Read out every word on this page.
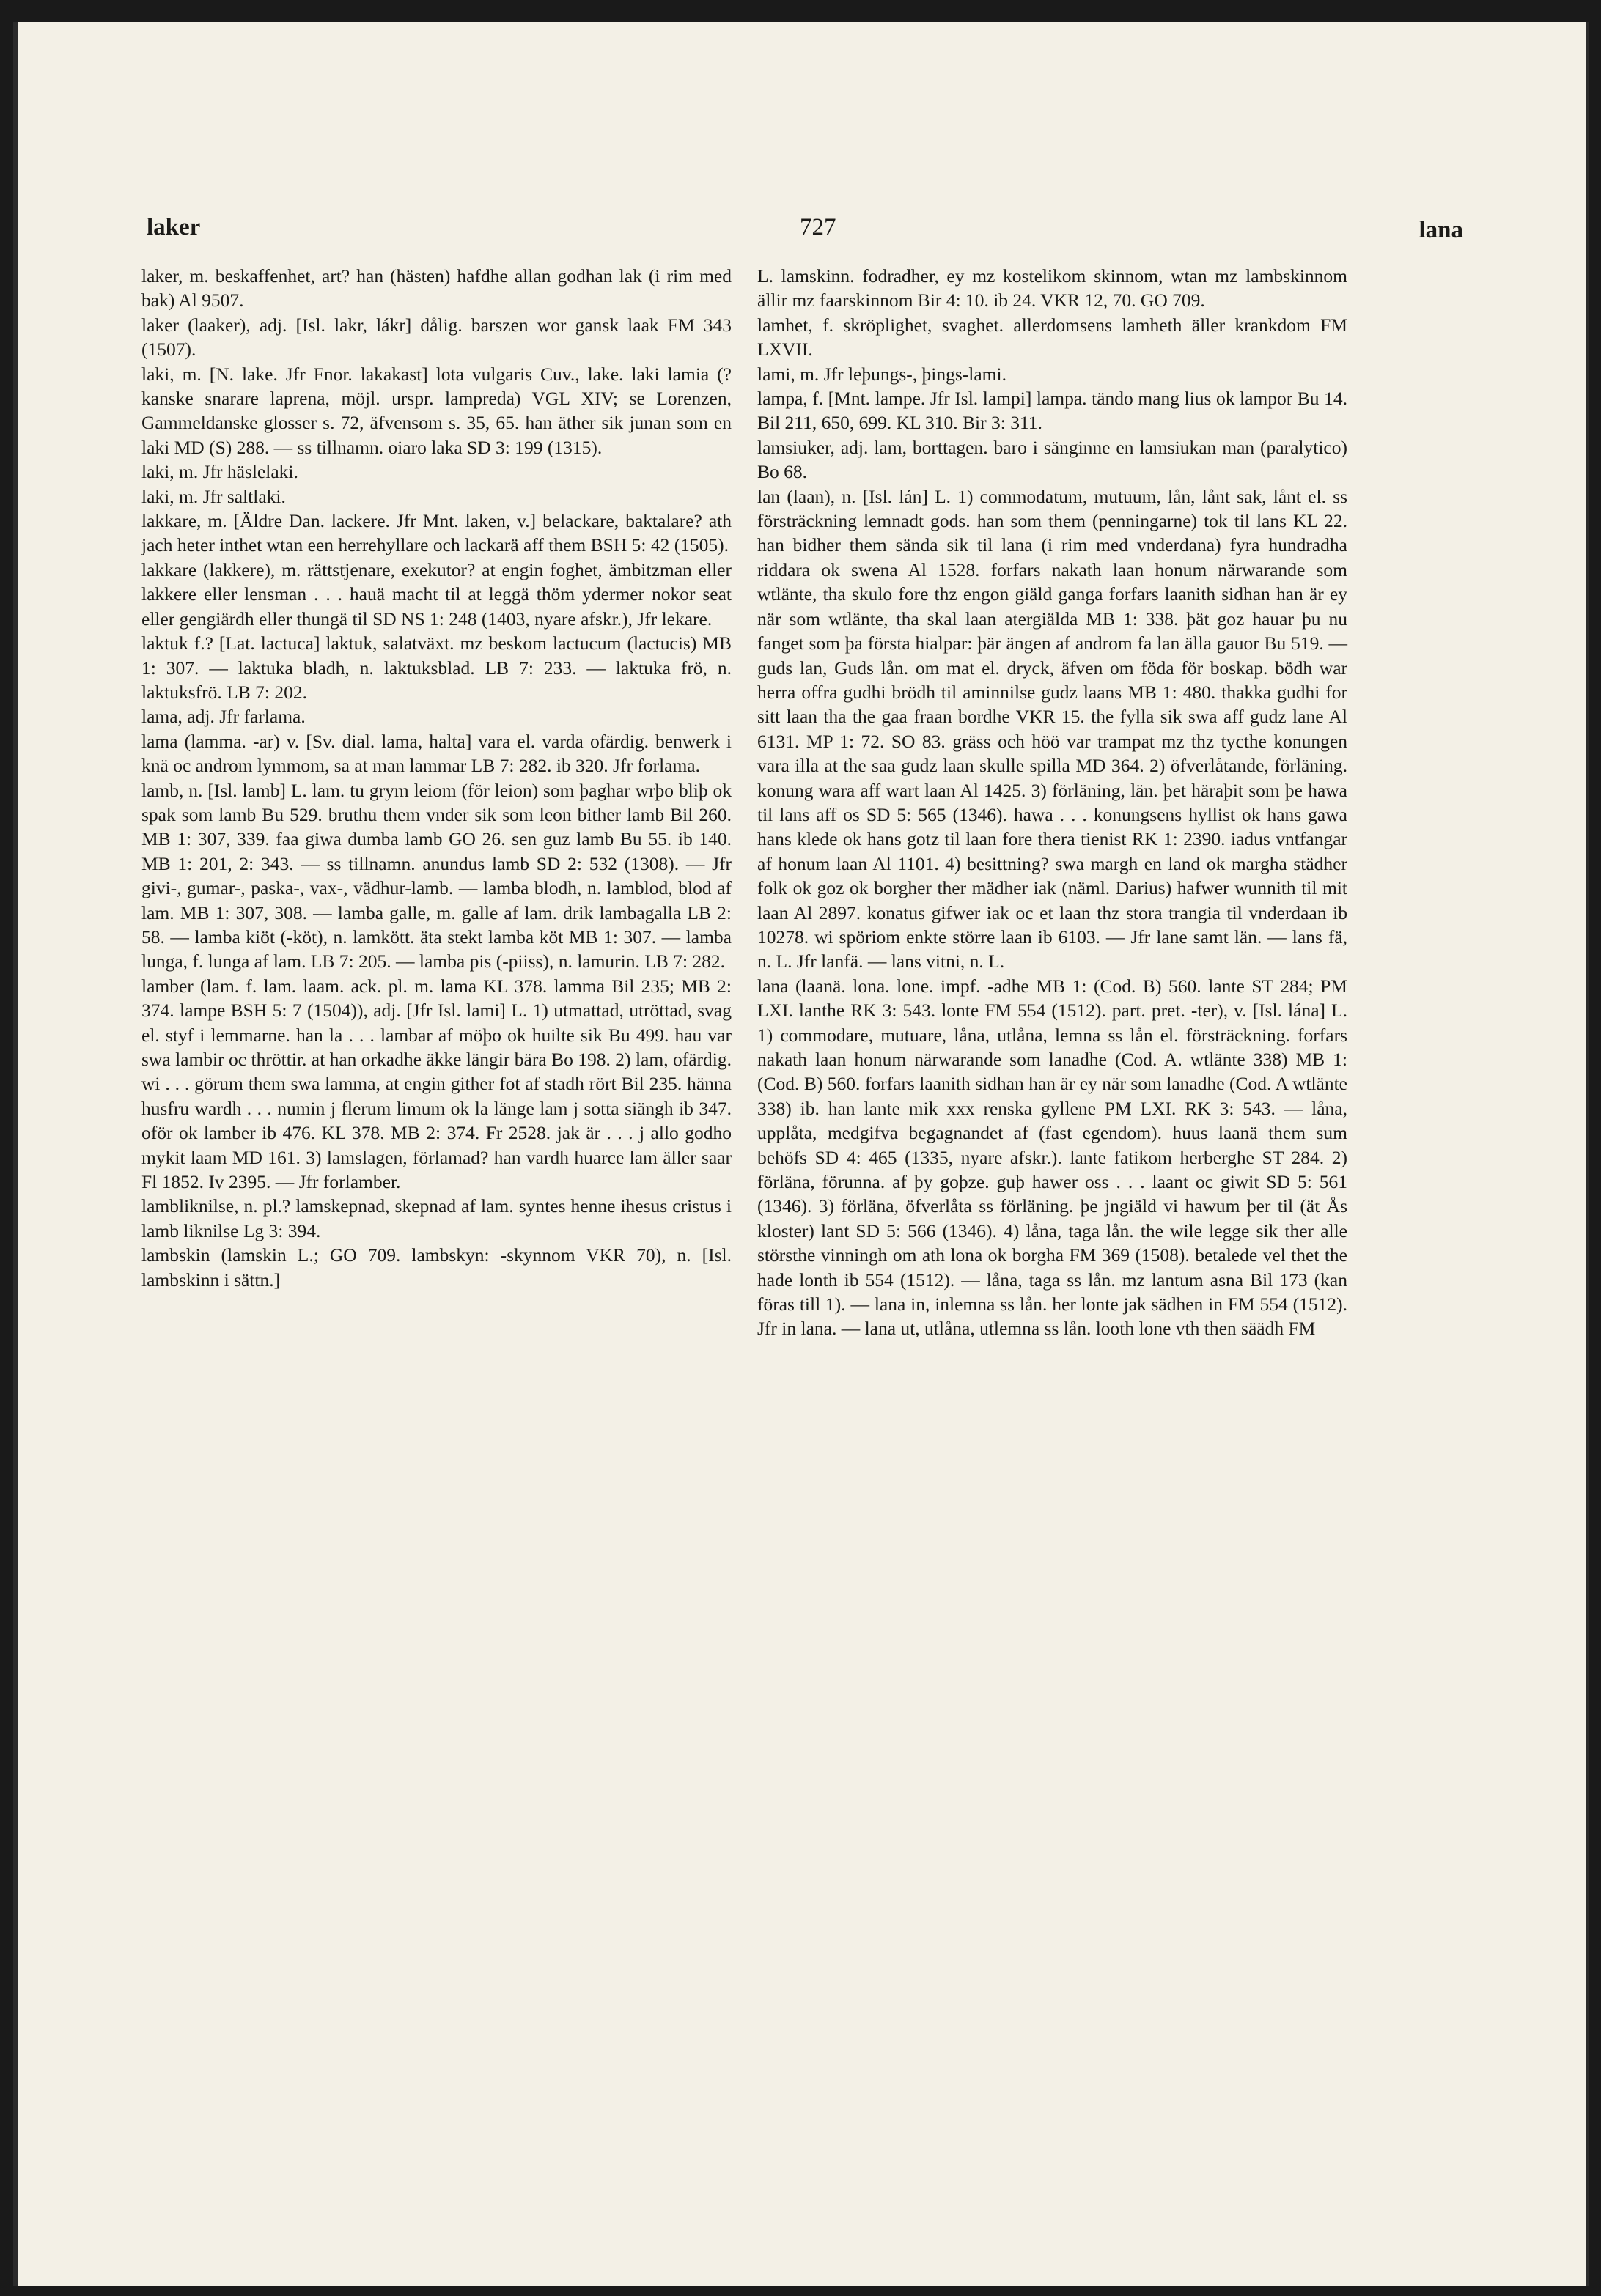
laker	727	lana

laker, m. beskaffenhet, art? han (hästen) hafdhe allan godhan lak (i rim med bak) Al 9507.

laker (laaker), adj. [Isl. lakr, lákr] dålig. barszen wor gansk laak FM 343 (1507).

laki, m. [N. lake. Jfr Fnor. lakakast] lota vulgaris Cuv., lake. laki lamia (? kanske snarare laprena, möjl. urspr. lampreda) VGL XIV; se Lorenzen, Gammeldanske glosser s. 72, äfvensom s. 35, 65. han äther sik junan som en laki MD (S) 288. — ss tillnamn. oiaro laka SD 3: 199 (1315).

laki, m. Jfr häslelaki.

laki, m. Jfr saltlaki.

lakkare, m. [Äldre Dan. lackere. Jfr Mnt. laken, v.] belackare, baktalare? ath jach heter inthet wtan een herrehyllare och lackarä aff them BSH 5: 42 (1505).

lakkare (lakkere), m. rättstjenare, exekutor? at engin foghet, ämbitzman eller lakkere eller lensman . . . hauä macht til at leggä thöm ydermer nokor seat eller gengiärdh eller thungä til SD NS 1: 248 (1403, nyare afskr.), Jfr lekare.

laktuk f.? [Lat. lactuca] laktuk, salatväxt. mz beskom lactucum (lactucis) MB 1: 307. — laktuka bladh, n. laktuksblad. LB 7: 233. — laktuka frö, n. laktuksfrö. LB 7: 202.

lama, adj. Jfr farlama.

lama (lamma. -ar) v. [Sv. dial. lama, halta] vara el. varda ofärdig. benwerk i knä oc androm lymmom, sa at man lammar LB 7: 282. ib 320. Jfr forlama.

lamb, n. [Isl. lamb] L. lam. tu grym leiom (för leion) som þaghar wrþo bliþ ok spak som lamb Bu 529. bruthu them vnder sik som leon bither lamb Bil 260. MB 1: 307, 339. faa giwa dumba lamb GO 26. sen guz lamb Bu 55. ib 140. MB 1: 201, 2: 343. — ss tillnamn. anundus lamb SD 2: 532 (1308). — Jfr givi-, gumar-, paska-, vax-, vädhur-lamb. — lamba blodh, n. lamblod, blod af lam. MB 1: 307, 308. — lamba galle, m. galle af lam. drik lambagalla LB 2: 58. — lamba kiöt (-köt), n. lamkött. äta stekt lamba köt MB 1: 307. — lamba lunga, f. lunga af lam. LB 7: 205. — lamba pis (-piiss), n. lamurin. LB 7: 282.

lamber (lam. f. lam. laam. ack. pl. m. lama KL 378. lamma Bil 235; MB 2: 374. lampe BSH 5: 7 (1504)), adj. [Jfr Isl. lami] L. 1) utmattad, utröttad, svag el. styf i lemmarne. han la . . . lambar af möþo ok huilte sik Bu 499. hau var swa lambir oc thröttir. at han orkadhe äkke längir bära Bo 198. 2) lam, ofärdig. wi . . . görum them swa lamma, at engin gither fot af stadh rört Bil 235. hänna husfru wardh . . . numin j flerum limum ok la länge lam j sotta siängh ib 347. oför ok lamber ib 476. KL 378. MB 2: 374. Fr 2528. jak är . . . j allo godho mykit laam MD 161. 3) lamslagen, förlamad? han vardh huarce lam äller saar Fl 1852. Iv 2395. — Jfr forlamber.

lambliknilse, n. pl.? lamskepnad, skepnad af lam. syntes henne ihesus cristus i lamb liknilse Lg 3: 394.

lambskin (lamskin L.; GO 709. lambskyn: -skynnom VKR 70), n. [Isl. lambskinn i sättn.]

L. lamskinn. fodradher, ey mz kostelikom skinnom, wtan mz lambskinnom ällir mz faarskinnom Bir 4: 10. ib 24. VKR 12, 70. GO 709.

lamhet, f. skröplighet, svaghet. allerdomsens lamheth äller krankdom FM LXVII.

lami, m. Jfr leþungs-, þings-lami.

lampa, f. [Mnt. lampe. Jfr Isl. lampi] lampa. tändo mang lius ok lampor Bu 14. Bil 211, 650, 699. KL 310. Bir 3: 311.

lamsiuker, adj. lam, borttagen. baro i sänginne en lamsiukan man (paralytico) Bo 68.

lan (laan), n. [Isl. lán] L. 1) commodatum, mutuum, lån, lånt sak, lånt el. ss försträckning lemnadt gods. han som them (penningarne) tok til lans KL 22. han bidher them sända sik til lana (i rim med vnderdana) fyra hundradha riddara ok swena Al 1528. forfars nakath laan honum närwarande som wtlänte, tha skulo fore thz engon giäld ganga forfars laanith sidhan han är ey när som wtlänte, tha skal laan atergiälda MB 1: 338. þät goz hauar þu nu fanget som þa första hialpar: þär ängen af androm fa lan älla gauor Bu 519. — guds lan, Guds lån. om mat el. dryck, äfven om föda för boskap. bödh war herra offra gudhi brödh til aminnilse gudz laans MB 1: 480. thakka gudhi for sitt laan tha the gaa fraan bordhe VKR 15. the fylla sik swa aff gudz lane Al 6131. MP 1: 72. SO 83. gräss och höö var trampat mz thz tycthe konungen vara illa at the saa gudz laan skulle spilla MD 364. 2) öfverlåtande, förläning. konung wara aff wart laan Al 1425. 3) förläning, län. þet häraþit som þe hawa til lans aff os SD 5: 565 (1346). hawa . . . konungsens hyllist ok hans gawa hans klede ok hans gotz til laan fore thera tienist RK 1: 2390. iadus vntfangar af honum laan Al 1101. 4) besittning? swa margh en land ok margha städher folk ok goz ok borgher ther mädher iak (näml. Darius) hafwer wunnith til mit laan Al 2897. konatus gifwer iak oc et laan thz stora trangia til vnderdaan ib 10278. wi spöriom enkte större laan ib 6103. — Jfr lane samt län. — lans fä, n. L. Jfr lanfä. — lans vitni, n. L.

lana (laanä. lona. lone. impf. -adhe MB 1: (Cod. B) 560. lante ST 284; PM LXI. lanthe RK 3: 543. lonte FM 554 (1512). part. pret. -ter), v. [Isl. lána] L. 1) commodare, mutuare, låna, utlåna, lemna ss lån el. försträckning. forfars nakath laan honum närwarande som lanadhe (Cod. A. wtlänte 338) MB 1: (Cod. B) 560. forfars laanith sidhan han är ey när som lanadhe (Cod. A wtlänte 338) ib. han lante mik xxx renska gyllene PM LXI. RK 3: 543. — låna, upplåta, medgifva begagnandet af (fast egendom). huus laanä them sum behöfs SD 4: 465 (1335, nyare afskr.). lante fatikom herberghe ST 284. 2) förläna, förunna. af þy goþze. guþ hawer oss . . . laant oc giwit SD 5: 561 (1346). 3) förläna, öfverlåta ss förläning. þe jngiäld vi hawum þer til (ät Ås kloster) lant SD 5: 566 (1346). 4) låna, taga lån. the wile legge sik ther alle störsthe vinningh om ath lona ok borgha FM 369 (1508). betalede vel thet the hade lonth ib 554 (1512). — låna, taga ss lån. mz lantum asna Bil 173 (kan föras till 1). — lana in, inlemna ss lån. her lonte jak sädhen in FM 554 (1512). Jfr in lana. — lana ut, utlåna, utlemna ss lån. looth lone vth then säädh FM
